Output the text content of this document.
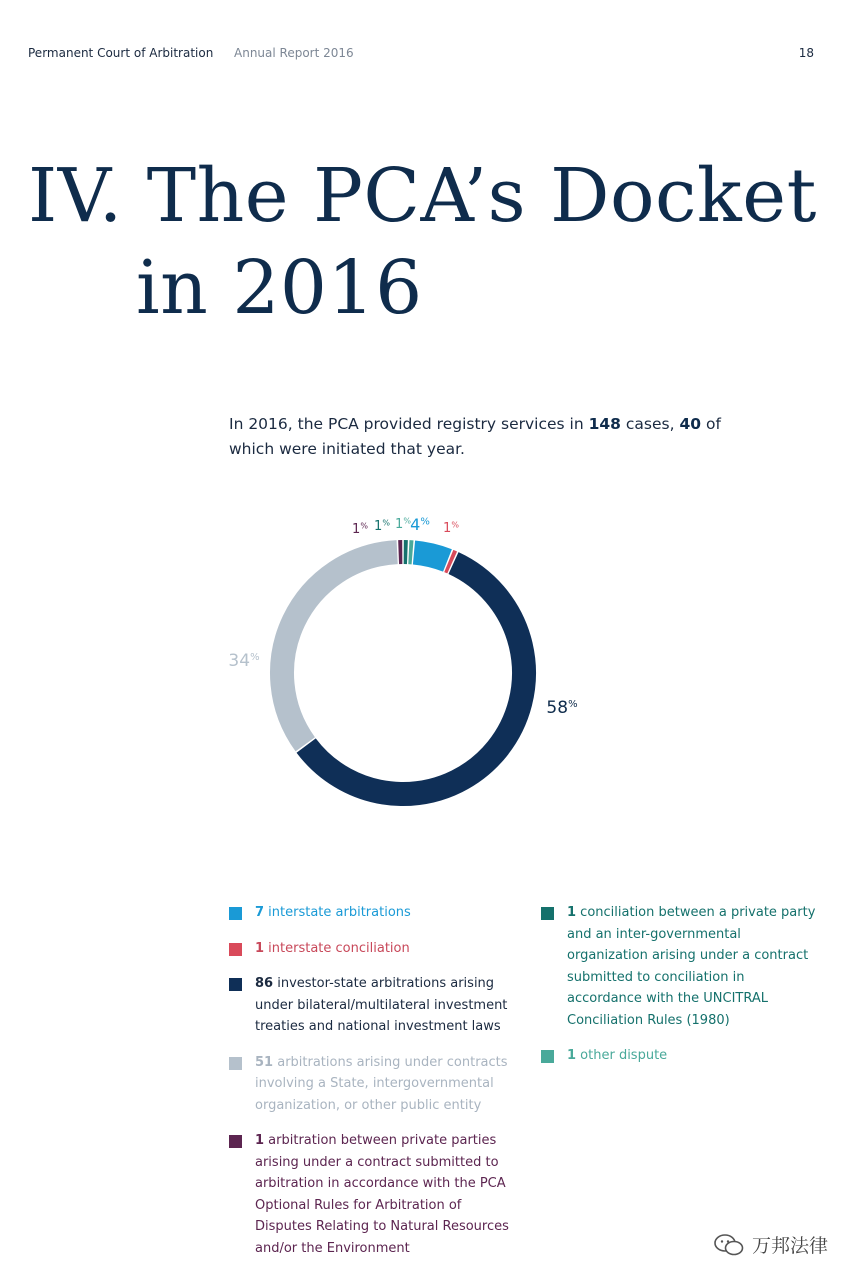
Permanent Court of Arbitration Annual Report 2016	18
IV. The PCA’s Docket
in 2016
In 2016, the PCA provided registry services in 148 cases, 40 of which were initiated that year.
4% 1%
58%
34%
1% 1% 1%
7 interstate arbitrations
1 interstate conciliation
86 investor-state arbitrations arising under bilateral/multilateral investment treaties and national investment laws
51 arbitrations arising under contracts involving a State, intergovernmental organization, or other public entity
1 arbitration between private parties arising under a contract submitted to arbitration in accordance with the PCA Optional Rules for Arbitration of Disputes Relating to Natural Resources and/or the Environment
1 conciliation between a private party and an inter-governmental organization arising under a contract submitted to conciliation in accordance with the UNCITRAL Conciliation Rules (1980)
1 other dispute
万邦法律
